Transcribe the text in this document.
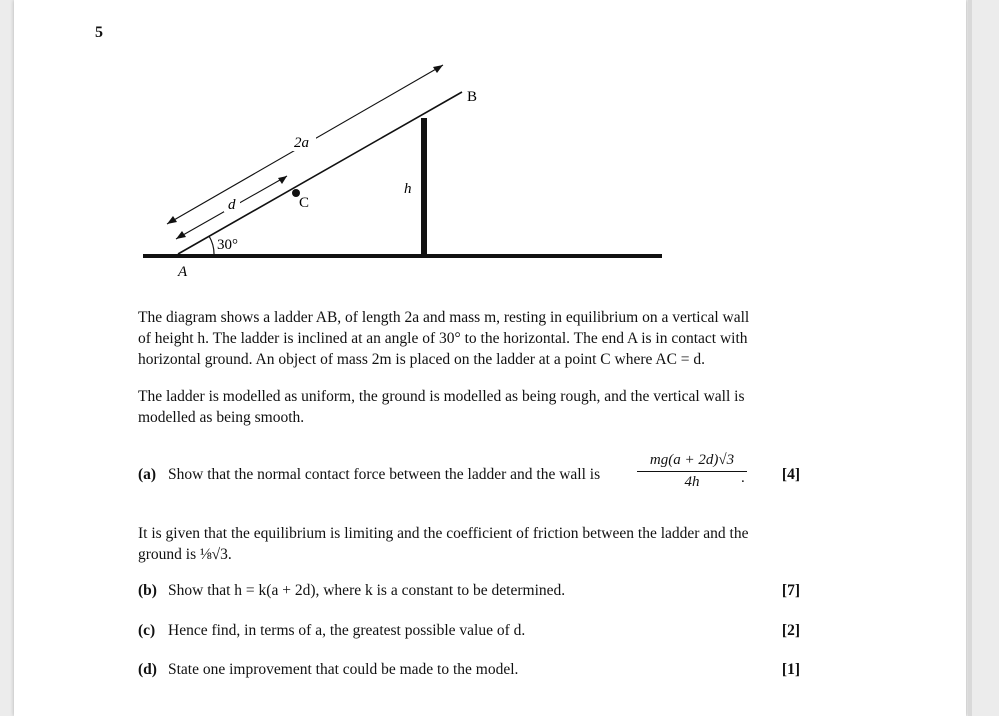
5
B
2a
h
C
d
30°
A
The diagram shows a ladder AB, of length 2a and mass m, resting in equilibrium on a vertical wall
of height h. The ladder is inclined at an angle of 30° to the horizontal. The end A is in contact with
horizontal ground. An object of mass 2m is placed on the ladder at a point C where AC = d.
The ladder is modelled as uniform, the ground is modelled as being rough, and the vertical wall is
modelled as being smooth.
(a) Show that the normal contact force between the ladder and the wall is	[4]
$\frac{mg(a + 2d)√3}{4h}$
.
It is given that the equilibrium is limiting and the coefficient of friction between the ladder and the
ground is ⅛√3.
(b) Show that h = k(a + 2d), where k is a constant to be determined.	[7]
(c) Hence find, in terms of a, the greatest possible value of d.	[2]
(d) State one improvement that could be made to the model.	[1]
